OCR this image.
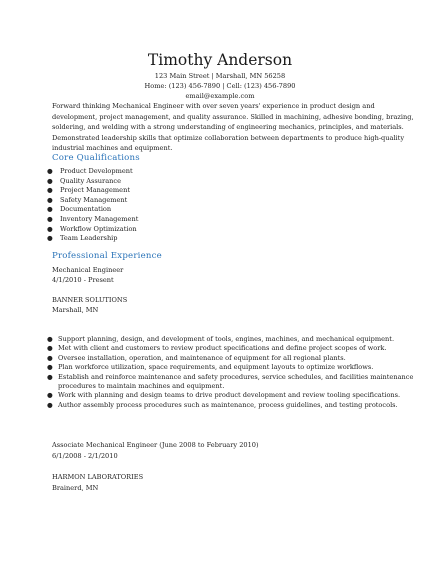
Timothy Anderson
123 Main Street | Marshall, MN 56258
Home: (123) 456-7890 | Cell: (123) 456-7890
email@example.com
Forward thinking Mechanical Engineer with over seven years' experience in product design and
development, project management, and quality assurance. Skilled in machining, adhesive bonding, brazing,
soldering, and welding with a strong understanding of engineering mechanics, principles, and materials.
Demonstrated leadership skills that optimize collaboration between departments to produce high-quality
industrial machines and equipment.
Core Qualifications
● Product Development
● Quality Assurance
● Project Management
● Safety Management
● Documentation
● Inventory Management
● Workflow Optimization
● Team Leadership
Professional Experience
Mechanical Engineer
4/1/2010 - Present
BANNER SOLUTIONS
Marshall, MN
● Support planning, design, and development of tools, engines, machines, and mechanical equipment.
● Met with client and customers to review product specifications and define project scopes of work.
● Oversee installation, operation, and maintenance of equipment for all regional plants.
● Plan workforce utilization, space requirements, and equipment layouts to optimize workflows.
● Establish and reinforce maintenance and safety procedures, service schedules, and facilities maintenance
procedures to maintain machines and equipment.
● Work with planning and design teams to drive product development and review tooling specifications.
● Author assembly process procedures such as maintenance, process guidelines, and testing protocols.
Associate Mechanical Engineer (June 2008 to February 2010)
6/1/2008 - 2/1/2010
HARMON LABORATORIES
Brainerd, MN
